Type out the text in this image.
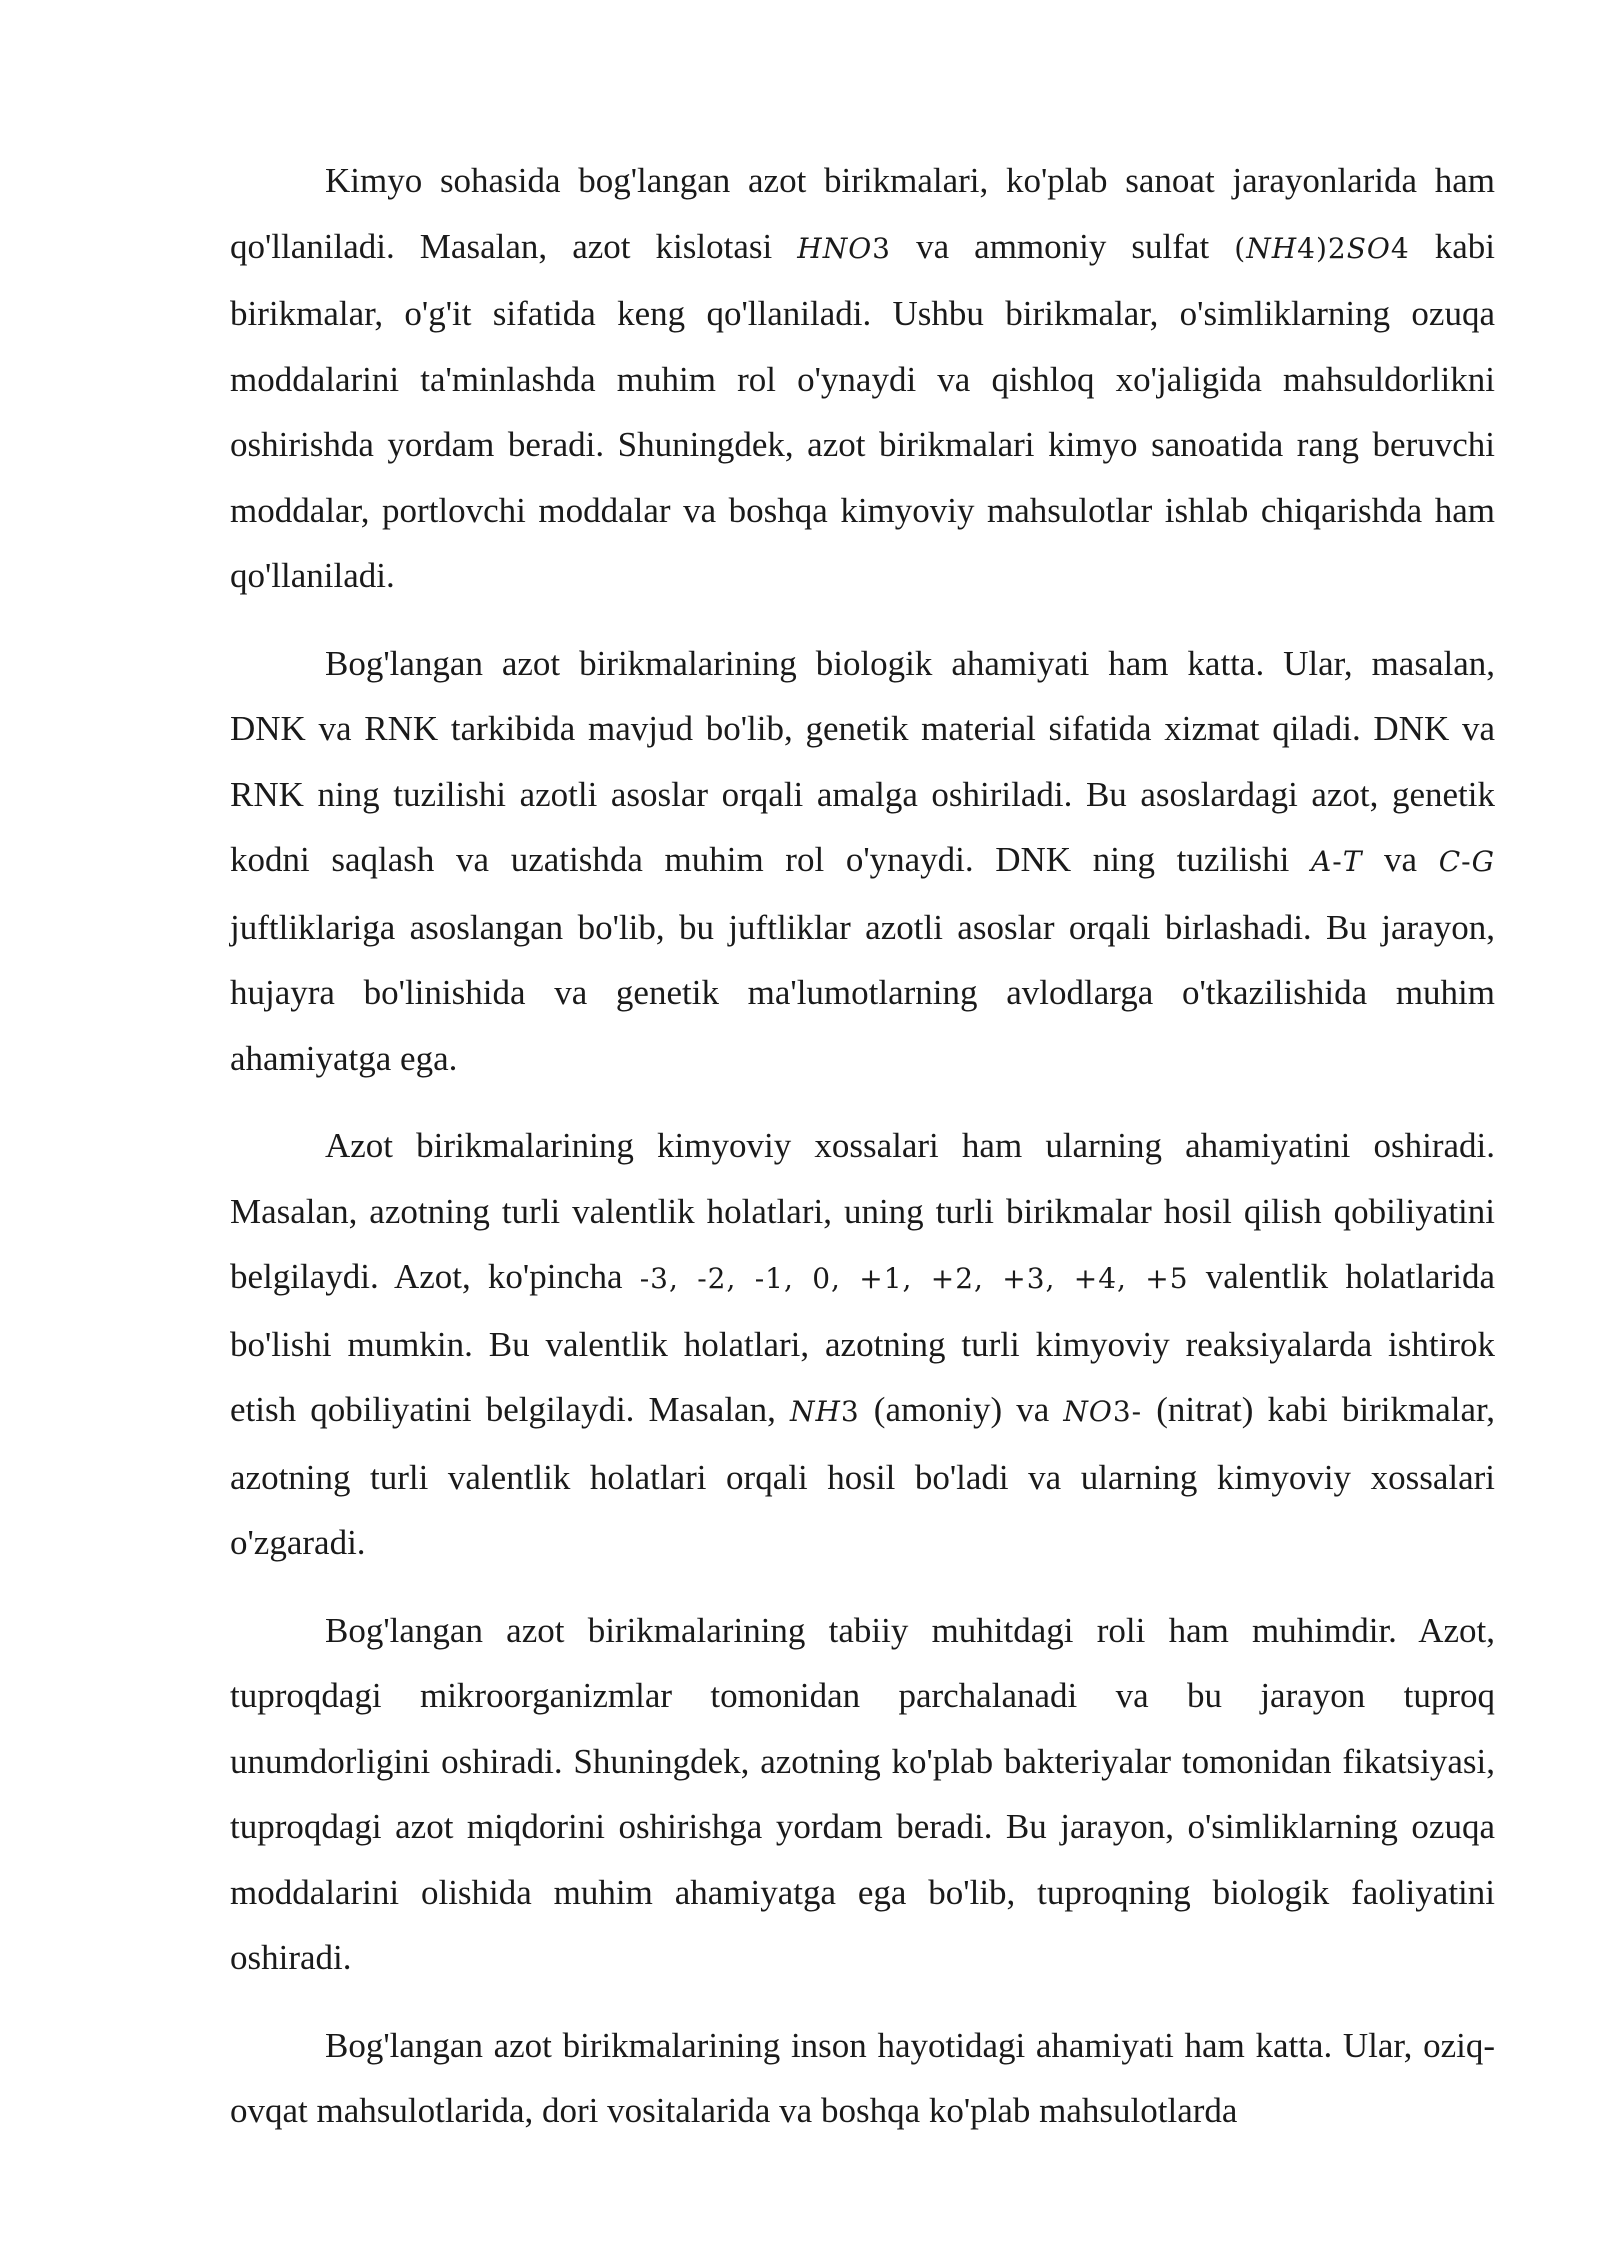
Kimyo sohasida bog'langan azot birikmalari, ko'plab sanoat jarayonlarida ham qo'llaniladi. Masalan, azot kislotasi HNO3 va ammoniy sulfat (NH4)2SO4 kabi birikmalar, o'g'it sifatida keng qo'llaniladi. Ushbu birikmalar, o'simliklarning ozuqa moddalarini ta'minlashda muhim rol o'ynaydi va qishloq xo'jaligida mahsuldorlikni oshirishda yordam beradi. Shuningdek, azot birikmalari kimyo sanoatida rang beruvchi moddalar, portlovchi moddalar va boshqa kimyoviy mahsulotlar ishlab chiqarishda ham qo'llaniladi.

Bog'langan azot birikmalarining biologik ahamiyati ham katta. Ular, masalan, DNK va RNK tarkibida mavjud bo'lib, genetik material sifatida xizmat qiladi. DNK va RNK ning tuzilishi azotli asoslar orqali amalga oshiriladi. Bu asoslardagi azot, genetik kodni saqlash va uzatishda muhim rol o'ynaydi. DNK ning tuzilishi A-T va C-G juftliklariga asoslangan bo'lib, bu juftliklar azotli asoslar orqali birlashadi. Bu jarayon, hujayra bo'linishida va genetik ma'lumotlarning avlodlarga o'tkazilishida muhim ahamiyatga ega.

Azot birikmalarining kimyoviy xossalari ham ularning ahamiyatini oshiradi. Masalan, azotning turli valentlik holatlari, uning turli birikmalar hosil qilish qobiliyatini belgilaydi. Azot, ko'pincha -3, -2, -1, 0, +1, +2, +3, +4, +5 valentlik holatlarida bo'lishi mumkin. Bu valentlik holatlari, azotning turli kimyoviy reaksiyalarda ishtirok etish qobiliyatini belgilaydi. Masalan, NH3 (amoniy) va NO3- (nitrat) kabi birikmalar, azotning turli valentlik holatlari orqali hosil bo'ladi va ularning kimyoviy xossalari o'zgaradi.

Bog'langan azot birikmalarining tabiiy muhitdagi roli ham muhimdir. Azot, tuproqdagi mikroorganizmlar tomonidan parchalanadi va bu jarayon tuproq unumdorligini oshiradi. Shuningdek, azotning ko'plab bakteriyalar tomonidan fikatsiyasi, tuproqdagi azot miqdorini oshirishga yordam beradi. Bu jarayon, o'simliklarning ozuqa moddalarini olishida muhim ahamiyatga ega bo'lib, tuproqning biologik faoliyatini oshiradi.

Bog'langan azot birikmalarining inson hayotidagi ahamiyati ham katta. Ular, oziq-ovqat mahsulotlarida, dori vositalarida va boshqa ko'plab mahsulotlarda
